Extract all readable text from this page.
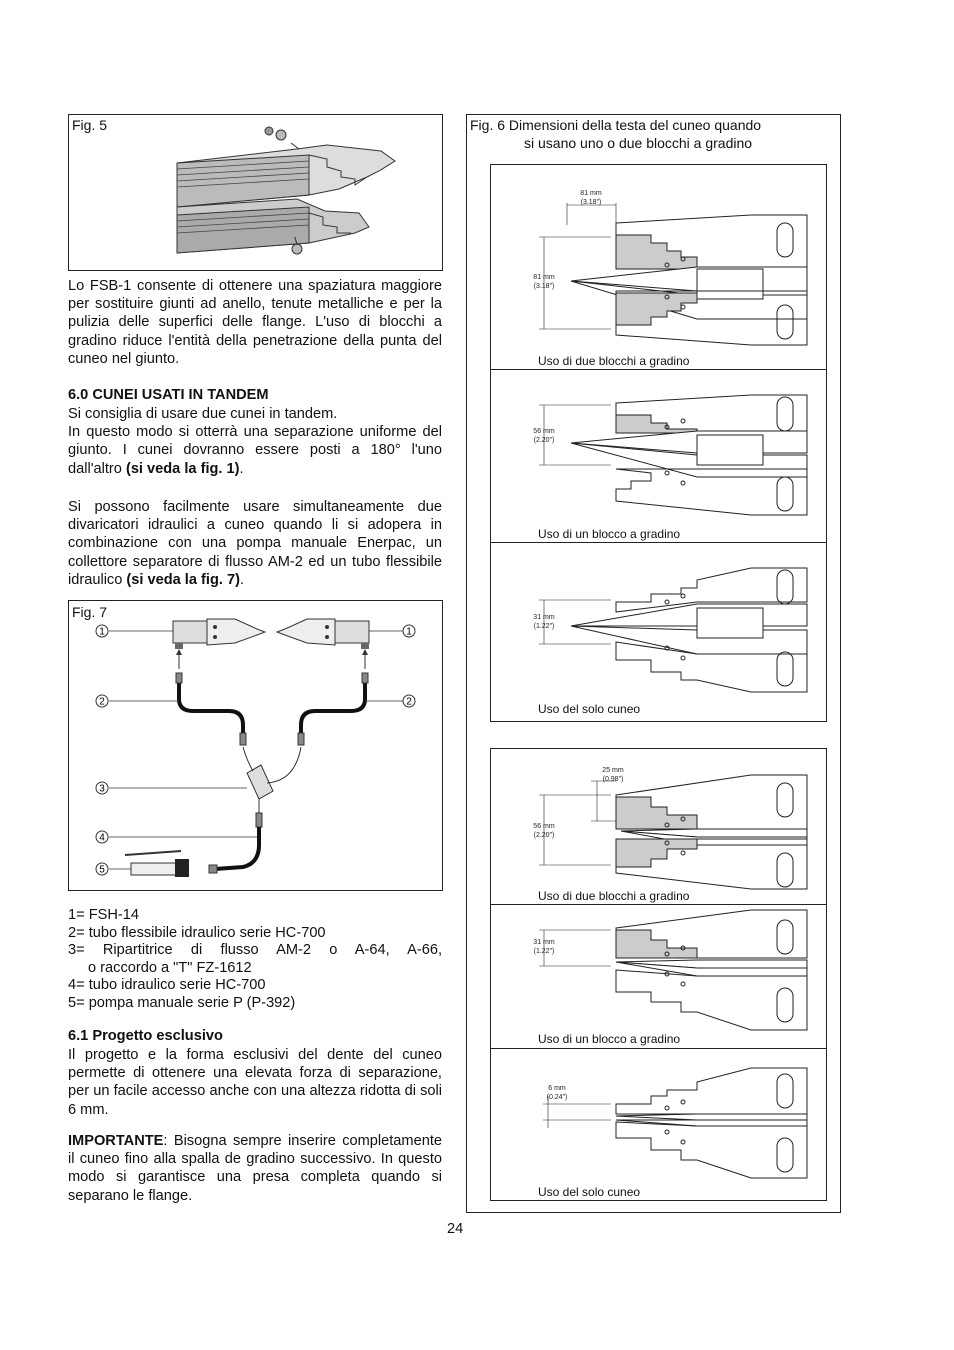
Fig. 5

Lo FSB-1 consente di ottenere una spaziatura maggiore per sostituire giunti ad anello, tenute metalliche e per la pulizia delle superfici delle flange. L'uso di blocchi a gradino riduce l'entità della penetrazione della punta del cuneo nel giunto.

6.0 CUNEI USATI IN TANDEM

Si consiglia di usare due cunei in tandem.
In questo modo si otterrà una separazione uniforme del giunto. I cunei dovranno essere posti a 180° l'uno dall'altro (si veda la fig. 1).
Si possono facilmente usare simultaneamente due divaricatori idraulici a cuneo quando li si adopera in combinazione con una pompa manuale Enerpac, un collettore separatore di flusso AM-2 ed un tubo flessibile idraulico (si veda la fig. 7).
Fig. 7
1	1
2	2
3
4
5
1= FSH-14
2= tubo flessibile idraulico serie HC-700
3= Ripartitrice di flusso AM-2 o A-64, A-66,
o raccordo a "T" FZ-1612
4= tubo idraulico serie HC-700
5= pompa manuale serie P (P-392)

6.1 Progetto esclusivo

Il progetto e la forma esclusivi del dente del cuneo permette di ottenere una elevata forza di separazione, per un facile accesso anche con una altezza ridotta di soli 6 mm.

IMPORTANTE: Bisogna sempre inserire completamente il cuneo fino alla spalla de gradino successivo. In questo modo si garantisce una presa completa quando si separano le flange.
Fig. 6 Dimensioni della testa del cuneo quando
si usano uno o due blocchi a gradino
81 mm
(3.18")
81 mm
(3.18")
Uso di due blocchi a gradino
56 mm
(2.20")
Uso di un blocco a gradino
31 mm
(1.22")
Uso del solo cuneo
25 mm
(0.98")
56 mm
(2.20")
Uso di due blocchi a gradino
31 mm
(1.22")
Uso di un blocco a gradino
6 mm
(0.24")
Uso del solo cuneo
24
